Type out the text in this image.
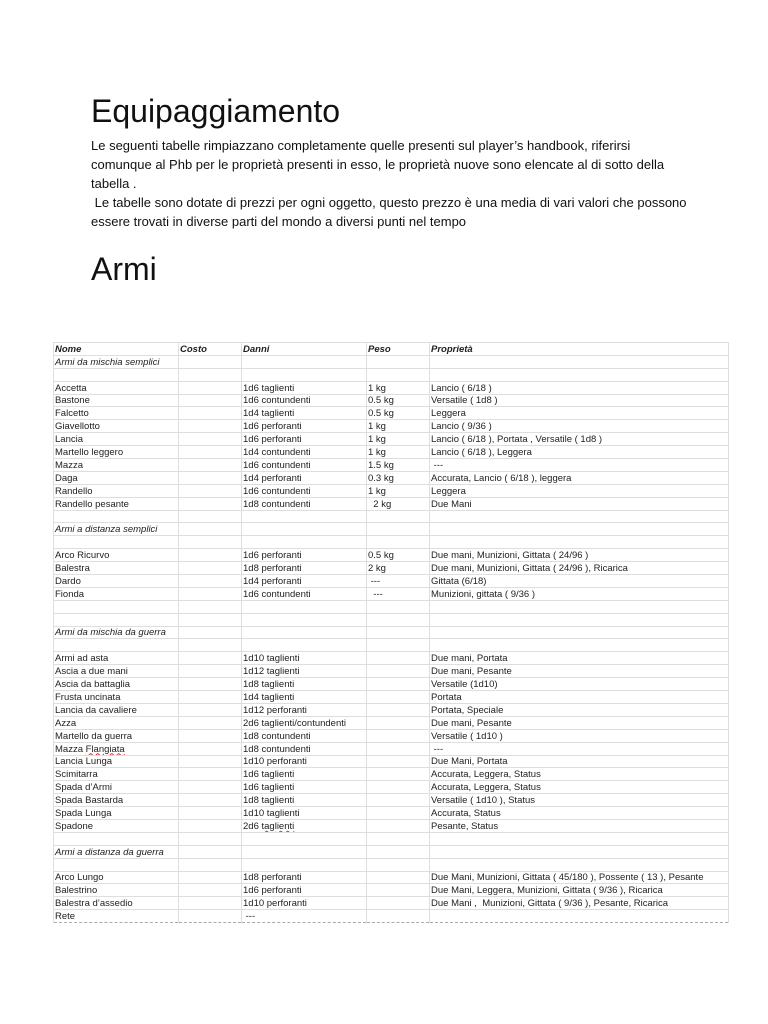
Equipaggiamento

Le seguenti tabelle rimpiazzano completamente quelle presenti sul player’s handbook, riferirsi comunque al Phb per le proprietà presenti in esso, le proprietà nuove sono elencate al di sotto della tabella .

Le tabelle sono dotate di prezzi per ogni oggetto, questo prezzo è una media di vari valori che possono essere trovati in diverse parti del mondo a diversi punti nel tempo

Armi
Nome	Costo	Danni	Peso	Proprietà
Armi da mischia semplici				

Accetta		1d6 taglienti	1 kg	Lancio ( 6/18 )
Bastone		1d6 contundenti	0.5 kg	Versatile ( 1d8 )
Falcetto		1d4 taglienti	0.5 kg	Leggera
Giavellotto		1d6 perforanti	1 kg	Lancio ( 9/36 )
Lancia		1d6 perforanti	1 kg	Lancio ( 6/18 ), Portata , Versatile ( 1d8 )
Martello leggero		1d4 contundenti	1 kg	Lancio ( 6/18 ), Leggera
Mazza		1d6 contundenti	1.5 kg	---
Daga		1d4 perforanti	0.3 kg	Accurata, Lancio ( 6/18 ), leggera
Randello		1d6 contundenti	1 kg	Leggera
Randello pesante		1d8 contundenti	2 kg	Due Mani

Armi a distanza semplici				

Arco Ricurvo		1d6 perforanti	0.5 kg	Due mani, Munizioni, Gittata ( 24/96 )
Balestra		1d8 perforanti	2 kg	Due mani, Munizioni, Gittata ( 24/96 ), Ricarica
Dardo		1d4 perforanti	---	Gittata (6/18)
Fionda		1d6 contundenti	---	Munizioni, gittata ( 9/36 )

Armi da mischia da guerra				

Armi ad asta		1d10 taglienti		Due mani, Portata
Ascia a due mani		1d12 taglienti		Due mani, Pesante
Ascia da battaglia		1d8 taglienti		Versatile (1d10)
Frusta uncinata		1d4 taglienti		Portata
Lancia da cavaliere		1d12 perforanti		Portata, Speciale
Azza		2d6 taglienti/contundenti		Due mani, Pesante
Martello da guerra		1d8 contundenti		Versatile ( 1d10 )
Mazza Flangiata		1d8 contundenti		---
Lancia Lunga		1d10 perforanti		Due Mani, Portata
Scimitarra		1d6 taglienti		Accurata, Leggera, Status
Spada d’Armi		1d6 taglienti		Accurata, Leggera, Status
Spada Bastarda		1d8 taglienti		Versatile ( 1d10 ), Status
Spada Lunga		1d10 taglienti		Accurata, Status
Spadone		2d6 taglienti		Pesante, Status

Armi a distanza da guerra				

Arco Lungo		1d8 perforanti		Due Mani, Munizioni, Gittata ( 45/180 ), Possente ( 13 ), Pesante
Balestrino		1d6 perforanti		Due Mani, Leggera, Munizioni, Gittata ( 9/36 ), Ricarica
Balestra d’assedio		1d10 perforanti		Due Mani ,  Munizioni, Gittata ( 9/36 ), Pesante, Ricarica
Rete		---		
